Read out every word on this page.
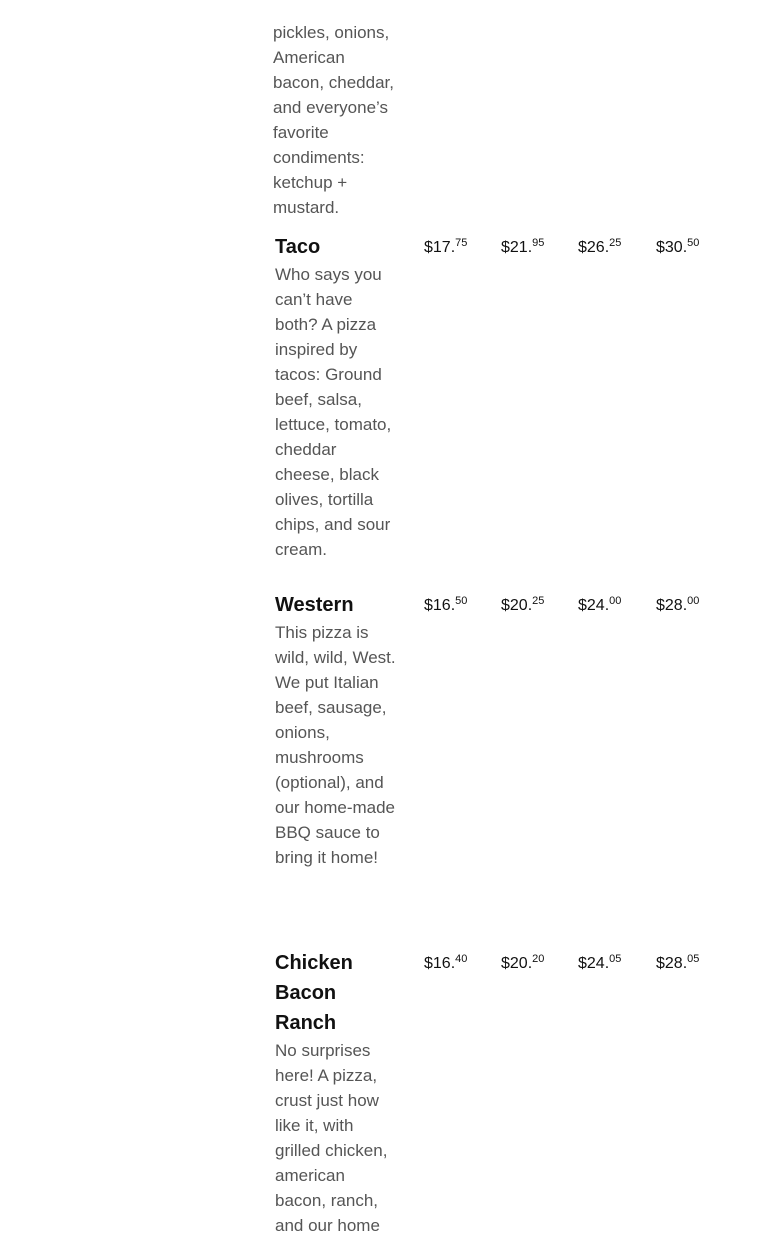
pickles, onions, American bacon, cheddar, and everyone’s favorite condiments: ketchup + mustard.

Taco

Who says you can’t have both? A pizza inspired by tacos: Ground beef, salsa, lettuce, tomato, cheddar cheese, black olives, tortilla chips, and sour cream.

$17.75 $21.95 $26.25 $30.50
Western

This pizza is wild, wild, West. We put Italian beef, sausage, onions, mushrooms (optional), and our home-made BBQ sauce to bring it home!

$16.50 $20.25 $24.00 $28.00
Chicken Bacon Ranch

No surprises here! A pizza, crust just how like it, with grilled chicken, american bacon, ranch, and our home

$16.40 $20.20 $24.05 $28.05
